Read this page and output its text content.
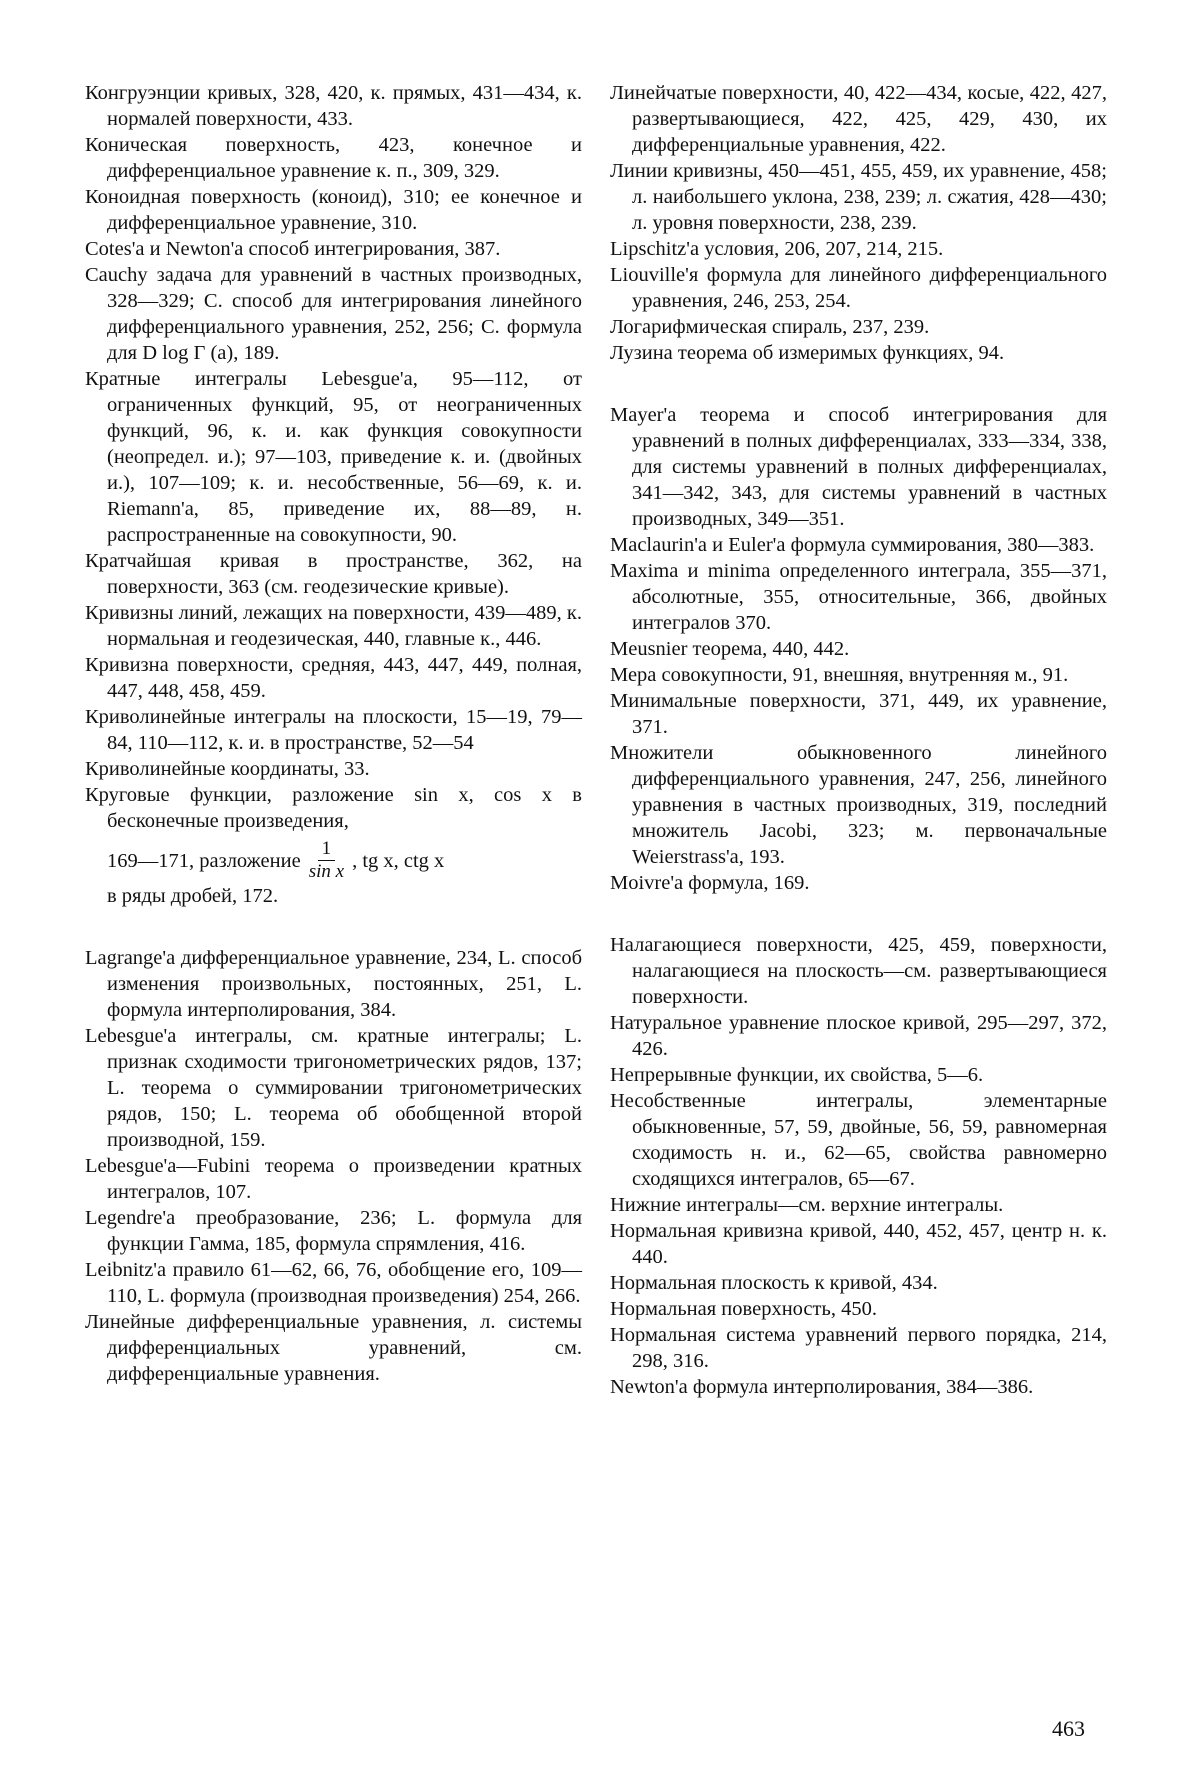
Конгруэнции кривых, 328, 420, к. прямых, 431—434, к. нормалей поверхности, 433.

Коническая поверхность, 423, конечное и дифференциальное уравнение к. п., 309, 329.

Коноидная поверхность (коноид), 310; ее конечное и дифференциальное уравнение, 310.

Cotes'а и Newton'а способ интегрирования, 387.

Cauchy задача для уравнений в частных производных, 328—329; С. способ для интегрирования линейного дифференциального уравнения, 252, 256; С. формула для D log Г (а), 189.

Кратные интегралы Lebesgue'а, 95—112, от ограниченных функций, 95, от неограниченных функций, 96, к. и. как функция совокупности (неопредел. и.); 97—103, приведение к. и. (двойных и.), 107—109; к. и. несобственные, 56—69, к. и. Riemann'а, 85, приведение их, 88—89, н. распространенные на совокупности, 90.

Кратчайшая кривая в пространстве, 362, на поверхности, 363 (см. геодезические кривые).

Кривизны линий, лежащих на поверхности, 439—489, к. нормальная и геодезическая, 440, главные к., 446.

Кривизна поверхности, средняя, 443, 447, 449, полная, 447, 448, 458, 459.

Криволинейные интегралы на плоскости, 15—19, 79—84, 110—112, к. и. в пространстве, 52—54

Криволинейные координаты, 33.

Круговые функции, разложение sin x, cos x в бесконечные произведения,

169—171, разложение $\frac{1}{\text{sin x}}$ , tg x, ctg x

в ряды дробей, 172.

Lagrange'а дифференциальное уравнение, 234, L. способ изменения произвольных, постоянных, 251, L. формула интерполирования, 384.

Lebesgue'а интегралы, см. кратные интегралы; L. признак сходимости тригонометрических рядов, 137; L. теорема о суммировании тригонометрических рядов, 150; L. теорема об обобщенной второй производной, 159.

Lebesgue'а—Fubini теорема о произведении кратных интегралов, 107.

Legendre'а преобразование, 236; L. формула для функции Гамма, 185, формула спрямления, 416.

Leibnitz'а правило 61—62, 66, 76, обобщение его, 109—110, L. формула (производная произведения) 254, 266.

Линейные дифференциальные уравнения, л. системы дифференциальных уравнений, см. дифференциальные уравнения.

Линейчатые поверхности, 40, 422—434, косые, 422, 427, развертывающиеся, 422, 425, 429, 430, их дифференциальные уравнения, 422.

Линии кривизны, 450—451, 455, 459, их уравнение, 458; л. наибольшего уклона, 238, 239; л. сжатия, 428—430; л. уровня поверхности, 238, 239.

Lipschitz'а условия, 206, 207, 214, 215.

Liouville'я формула для линейного дифференциального уравнения, 246, 253, 254.

Логарифмическая спираль, 237, 239.

Лузина теорема об измеримых функциях, 94.

Mayer'а теорема и способ интегрирования для уравнений в полных дифференциалах, 333—334, 338, для системы уравнений в полных дифференциалах, 341—342, 343, для системы уравнений в частных производных, 349—351.

Maclaurin'а и Euler'а формула суммирования, 380—383.

Maxima и minima определенного интеграла, 355—371, абсолютные, 355, относительные, 366, двойных интегралов 370.

Meusnier теорема, 440, 442.

Мера совокупности, 91, внешняя, внутренняя м., 91.

Минимальные поверхности, 371, 449, их уравнение, 371.

Множители обыкновенного линейного дифференциального уравнения, 247, 256, линейного уравнения в частных производных, 319, последний множитель Jacobi, 323; м. первоначальные Weierstrass'а, 193.

Moivre'а формула, 169.

Налагающиеся поверхности, 425, 459, поверхности, налагающиеся на плоскость—см. развертывающиеся поверхности.

Натуральное уравнение плоское кривой, 295—297, 372, 426.

Непрерывные функции, их свойства, 5—6.

Несобственные интегралы, элементарные обыкновенные, 57, 59, двойные, 56, 59, равномерная сходимость н. и., 62—65, свойства равномерно сходящихся интегралов, 65—67.

Нижние интегралы—см. верхние интегралы.

Нормальная кривизна кривой, 440, 452, 457, центр н. к. 440.

Нормальная плоскость к кривой, 434.

Нормальная поверхность, 450.

Нормальная система уравнений первого порядка, 214, 298, 316.

Newton'а формула интерполирования, 384—386.

463
